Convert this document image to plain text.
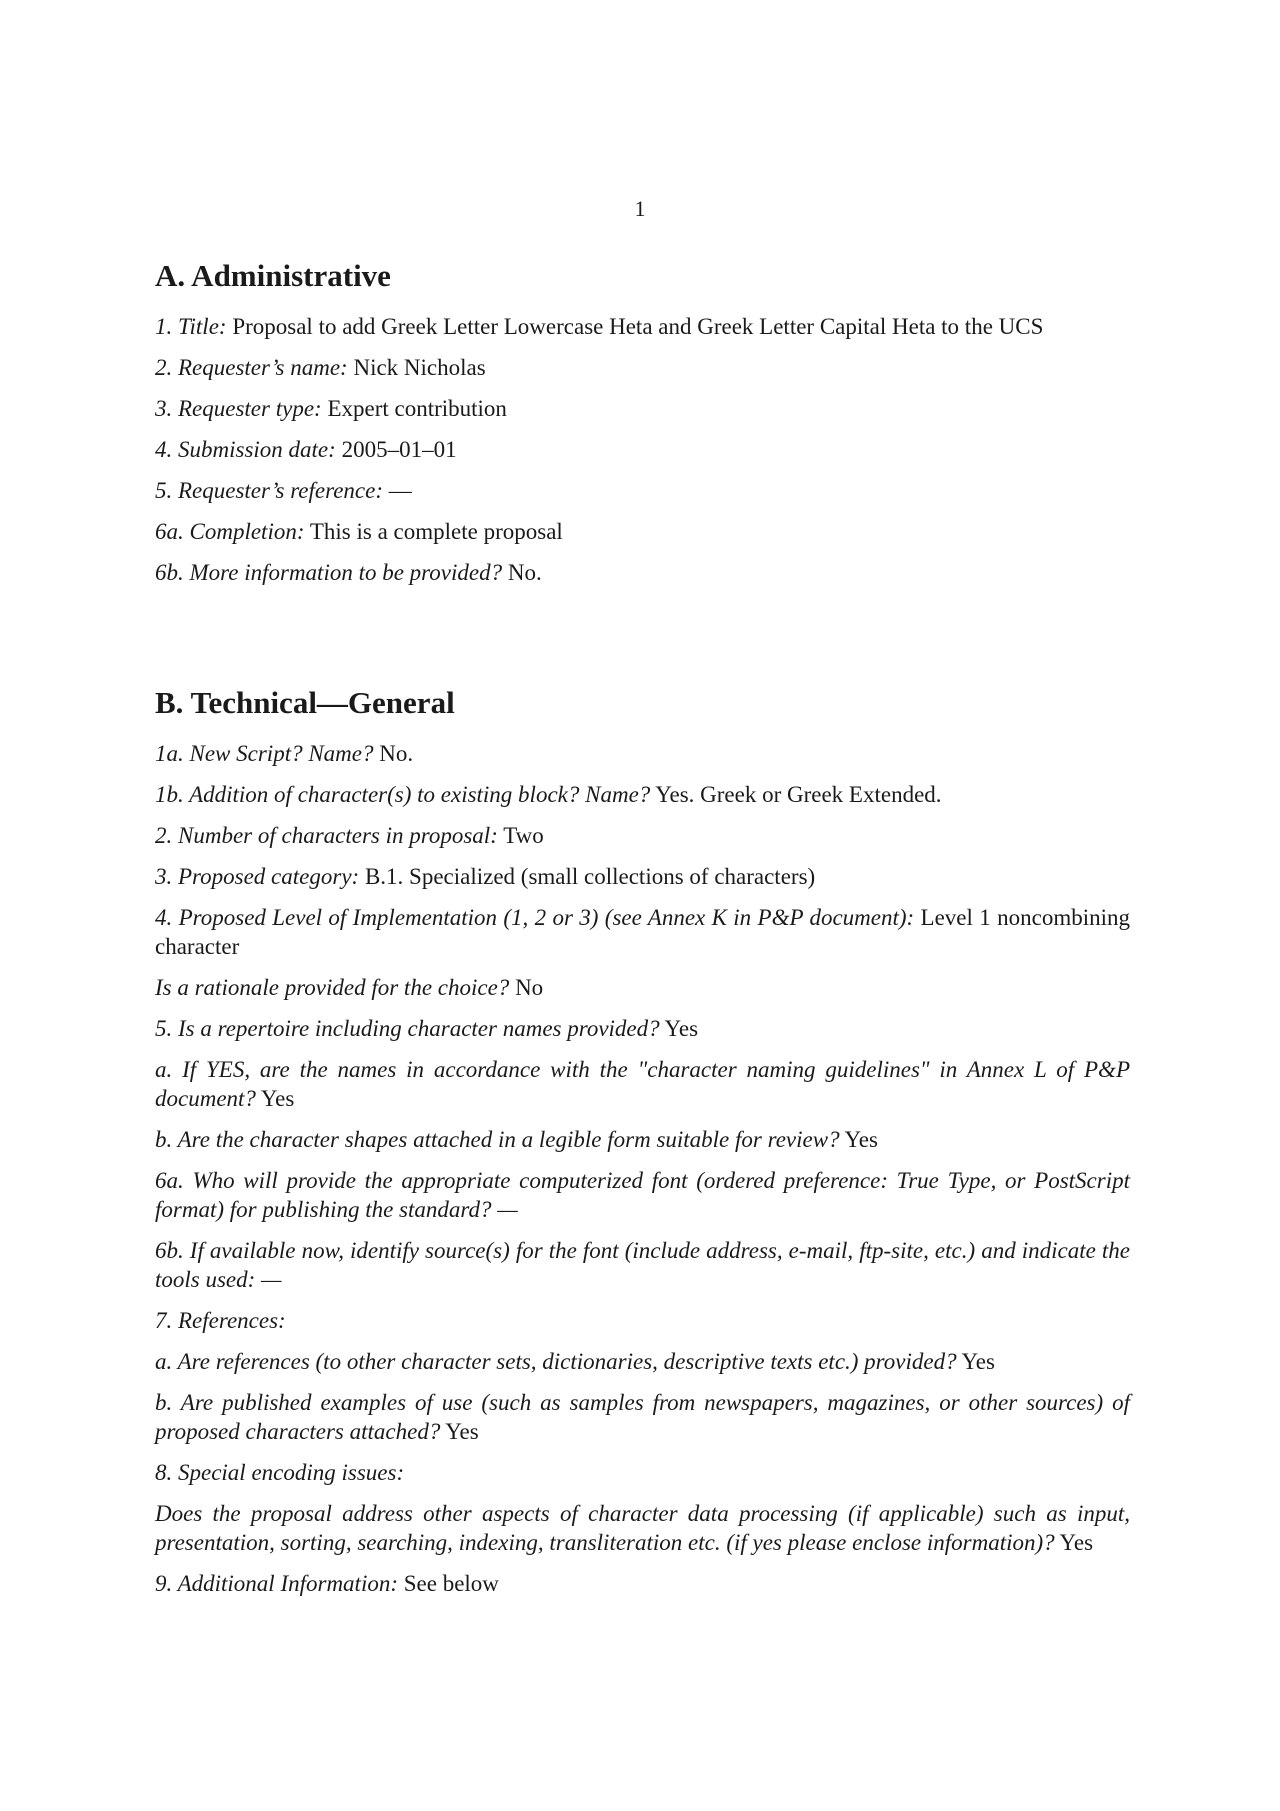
1
A. Administrative

1. Title: Proposal to add Greek Letter Lowercase Heta and Greek Letter Capital Heta to the UCS

2. Requester’s name: Nick Nicholas

3. Requester type: Expert contribution

4. Submission date: 2005–01–01

5. Requester’s reference: —

6a. Completion: This is a complete proposal

6b. More information to be provided? No.

B. Technical—General

1a. New Script? Name? No.

1b. Addition of character(s) to existing block? Name? Yes. Greek or Greek Extended.

2. Number of characters in proposal: Two

3. Proposed category: B.1. Specialized (small collections of characters)

4. Proposed Level of Implementation (1, 2 or 3) (see Annex K in P&P document): Level 1 noncombining character

Is a rationale provided for the choice? No

5. Is a repertoire including character names provided? Yes

a. If YES, are the names in accordance with the "character naming guidelines" in Annex L of P&P document? Yes

b. Are the character shapes attached in a legible form suitable for review? Yes

6a. Who will provide the appropriate computerized font (ordered preference: True Type, or PostScript format) for publishing the standard? —

6b. If available now, identify source(s) for the font (include address, e-mail, ftp-site, etc.) and indicate the tools used: —

7. References:

a. Are references (to other character sets, dictionaries, descriptive texts etc.) provided? Yes

b. Are published examples of use (such as samples from newspapers, magazines, or other sources) of proposed characters attached? Yes

8. Special encoding issues:

Does the proposal address other aspects of character data processing (if applicable) such as input, presentation, sorting, searching, indexing, transliteration etc. (if yes please enclose information)? Yes

9. Additional Information: See below
